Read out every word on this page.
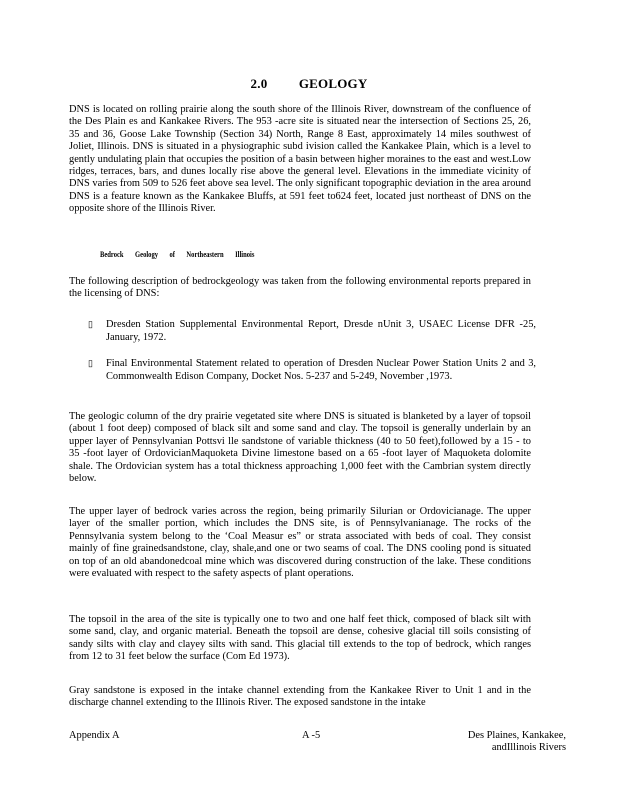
2.0 GEOLOGY

DNS is located on rolling prairie along the south shore of the Illinois River, downstream of the confluence of the Des Plain es and Kankakee Rivers. The 953 -acre site is situated near the intersection of Sections 25, 26, 35 and 36, Goose Lake Township (Section 34) North, Range 8 East, approximately 14 miles southwest of Joliet, Illinois. DNS is situated in a physiographic subd ivision called the Kankakee Plain, which is a level to gently undulating plain that occupies the position of a basin between higher moraines to the east and west.Low ridges, terraces, bars, and dunes locally rise above the general level. Elevations in the immediate vicinity of DNS varies from 509 to 526 feet above sea level. The only significant topographic deviation in the area around DNS is a feature known as the Kankakee Bluffs, at 591 feet to624 feet, located just northeast of DNS on the opposite shore of the Illinois River.

Bedrock Geology of Northeastern Illinois

The following description of bedrockgeology was taken from the following environmental reports prepared in the licensing of DNS:

▯ Dresden Station Supplemental Environmental Report, Dresde nUnit 3, USAEC License DFR -25, January, 1972.
▯ Final Environmental Statement related to operation of Dresden Nuclear Power Station Units 2 and 3, Commonwealth Edison Company, Docket Nos. 5-237 and 5-249, November ,1973.

The geologic column of the dry prairie vegetated site where DNS is situated is blanketed by a layer of topsoil (about 1 foot deep) composed of black silt and some sand and clay. The topsoil is generally underlain by an upper layer of Pennsylvanian Pottsvi lle sandstone of variable thickness (40 to 50 feet),followed by a 15 - to 35 -foot layer of OrdovicianMaquoketa Divine limestone based on a 65 -foot layer of Maquoketa dolomite shale. The Ordovician system has a total thickness approaching 1,000 feet with the Cambrian system directly below.

The upper layer of bedrock varies across the region, being primarily Silurian or Ordovicianage. The upper layer of the smaller portion, which includes the DNS site, is of Pennsylvanianage. The rocks of the Pennsylvania system belong to the ‘Coal Measur es” or strata associated with beds of coal. They consist mainly of fine grainedsandstone, clay, shale,and one or two seams of coal. The DNS cooling pond is situated on top of an old abandonedcoal mine which was discovered during construction of the lake. These conditions were evaluated with respect to the safety aspects of plant operations.

The topsoil in the area of the site is typically one to two and one half feet thick, composed of black silt with some sand, clay, and organic material. Beneath the topsoil are dense, cohesive glacial till soils consisting of sandy silts with clay and clayey silts with sand. This glacial till extends to the top of bedrock, which ranges from 12 to 31 feet below the surface (Com Ed 1973).

Gray sandstone is exposed in the intake channel extending from the Kankakee River to Unit 1 and in the discharge channel extending to the Illinois River. The exposed sandstone in the intake

Appendix A	A -5	Des Plaines, Kankakee,
andIllinois Rivers
